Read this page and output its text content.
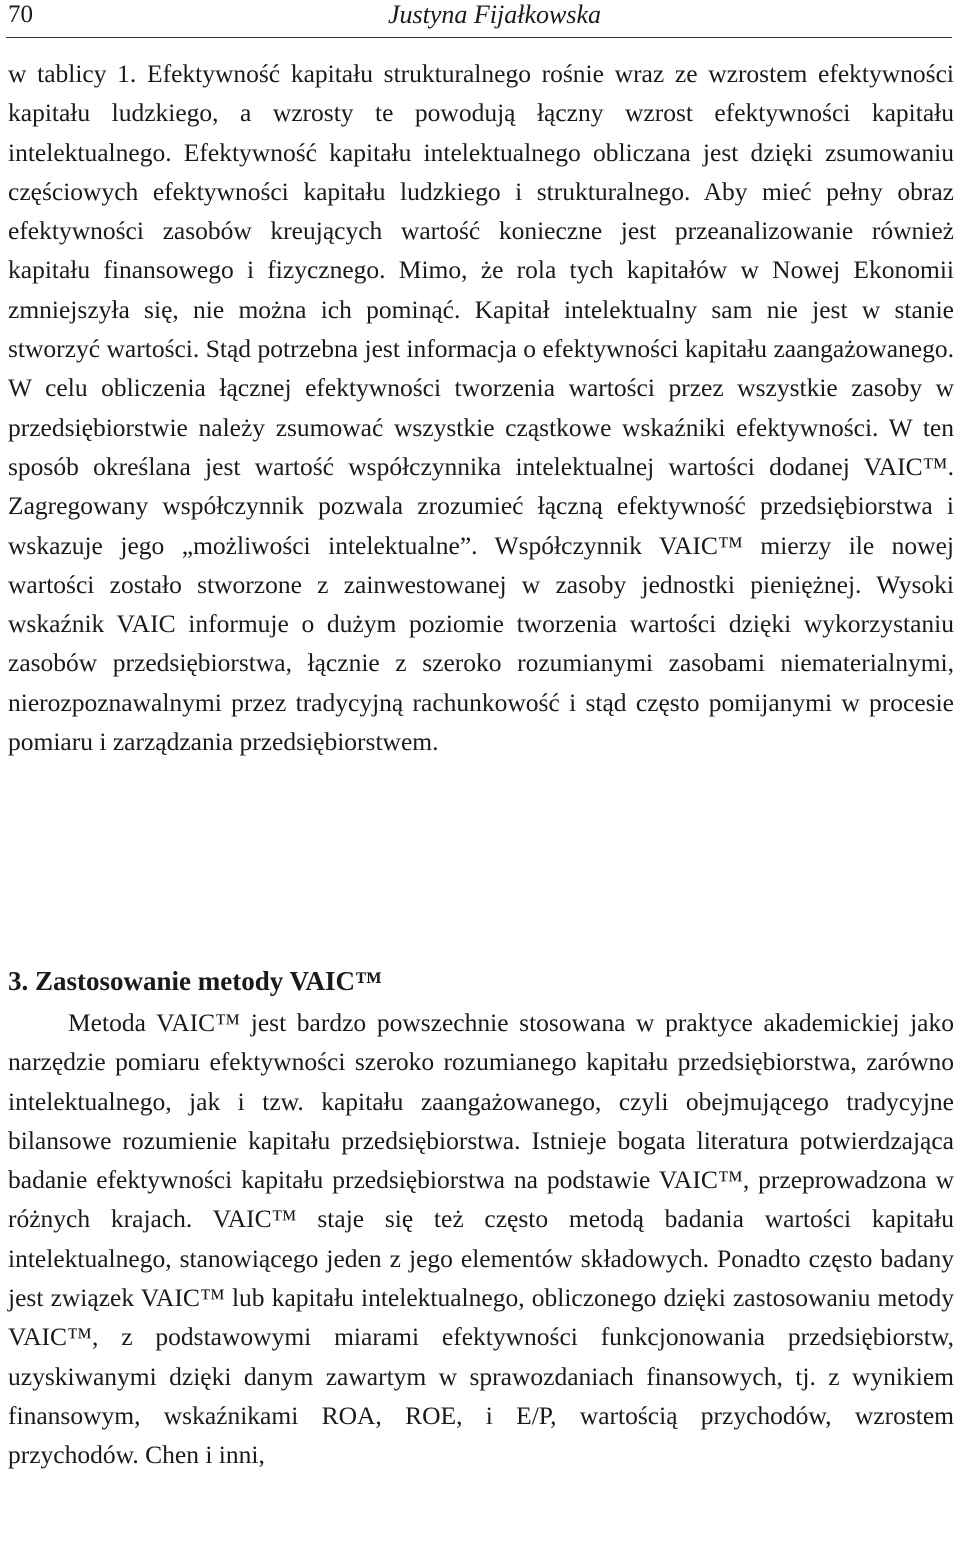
70	Justyna Fijałkowska

w tablicy 1. Efektywność kapitału strukturalnego rośnie wraz ze wzrostem efektywności kapitału ludzkiego, a wzrosty te powodują łączny wzrost efektywności kapitału intelektualnego. Efektywność kapitału intelektualnego obliczana jest dzięki zsumowaniu częściowych efektywności kapitału ludzkiego i strukturalnego. Aby mieć pełny obraz efektywności zasobów kreujących wartość konieczne jest przeanalizowanie również kapitału finansowego i fizycznego. Mimo, że rola tych kapitałów w Nowej Ekonomii zmniejszyła się, nie można ich pominąć. Kapitał intelektualny sam nie jest w stanie stworzyć wartości. Stąd potrzebna jest informacja o efektywności kapitału zaangażowanego. W celu obliczenia łącznej efektywności tworzenia wartości przez wszystkie zasoby w przedsiębiorstwie należy zsumować wszystkie cząstkowe wskaźniki efektywności. W ten sposób określana jest wartość współczynnika intelektualnej wartości dodanej VAIC™. Zagregowany współczynnik pozwala zrozumieć łączną efektywność przedsiębiorstwa i wskazuje jego „możliwości intelektualne”. Współczynnik VAIC™ mierzy ile nowej wartości zostało stworzone z zainwestowanej w zasoby jednostki pieniężnej. Wysoki wskaźnik VAIC informuje o dużym poziomie tworzenia wartości dzięki wykorzystaniu zasobów przedsiębiorstwa, łącznie z szeroko rozumianymi zasobami niematerialnymi, nierozpoznawalnymi przez tradycyjną rachunkowość i stąd często pomijanymi w procesie pomiaru i zarządzania przedsiębiorstwem.

3. Zastosowanie metody VAIC™

Metoda VAIC™ jest bardzo powszechnie stosowana w praktyce akademickiej jako narzędzie pomiaru efektywności szeroko rozumianego kapitału przedsiębiorstwa, zarówno intelektualnego, jak i tzw. kapitału zaangażowanego, czyli obejmującego tradycyjne bilansowe rozumienie kapitału przedsiębiorstwa. Istnieje bogata literatura potwierdzająca badanie efektywności kapitału przedsiębiorstwa na podstawie VAIC™, przeprowadzona w różnych krajach. VAIC™ staje się też często metodą badania wartości kapitału intelektualnego, stanowiącego jeden z jego elementów składowych. Ponadto często badany jest związek VAIC™ lub kapitału intelektualnego, obliczonego dzięki zastosowaniu metody VAIC™, z podstawowymi miarami efektywności funkcjonowania przedsiębiorstw, uzyskiwanymi dzięki danym zawartym w sprawozdaniach finansowych, tj. z wynikiem finansowym, wskaźnikami ROA, ROE, i E/P, wartością przychodów, wzrostem przychodów. Chen i inni,
